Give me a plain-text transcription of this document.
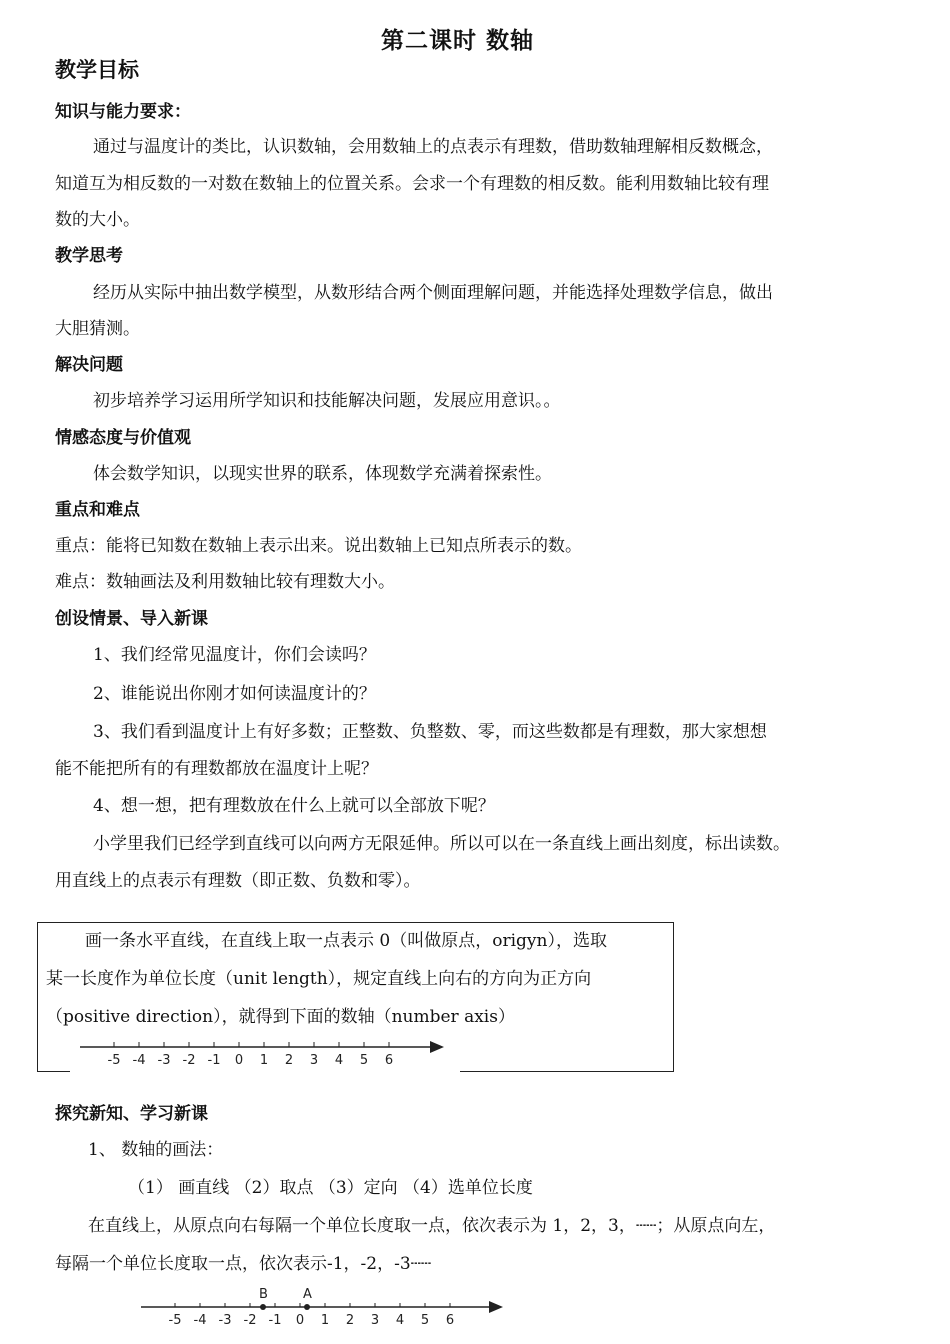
第二课时 数轴
教学目标
知识与能力要求：
通过与温度计的类比，认识数轴，会用数轴上的点表示有理数，借助数轴理解相反数概念，
知道互为相反数的一对数在数轴上的位置关系。会求一个有理数的相反数。能利用数轴比较有理
数的大小。
教学思考
经历从实际中抽出数学模型，从数形结合两个侧面理解问题，并能选择处理数学信息，做出
大胆猜测。
解决问题
初步培养学习运用所学知识和技能解决问题，发展应用意识。。
情感态度与价值观
体会数学知识，以现实世界的联系，体现数学充满着探索性。
重点和难点
重点：能将已知数在数轴上表示出来。说出数轴上已知点所表示的数。
难点：数轴画法及利用数轴比较有理数大小。
创设情景、导入新课
1、我们经常见温度计，你们会读吗？
2、谁能说出你刚才如何读温度计的？
3、我们看到温度计上有好多数；正整数、负整数、零，而这些数都是有理数，那大家想想
能不能把所有的有理数都放在温度计上呢？
4、想一想，把有理数放在什么上就可以全部放下呢？
小学里我们已经学到直线可以向两方无限延伸。所以可以在一条直线上画出刻度，标出读数。
用直线上的点表示有理数（即正数、负数和零）。
画一条水平直线，在直线上取一点表示 0（叫做原点，origyn），选取
某一长度作为单位长度（unit length），规定直线上向右的方向为正方向
（positive direction），就得到下面的数轴（number axis）
-5 -4 -3 -2 -1 0 1 2 3 4 5 6
探究新知、学习新课
1、 数轴的画法：
（1） 画直线 （2）取点 （3）定向 （4）选单位长度
在直线上，从原点向右每隔一个单位长度取一点，依次表示为 1，2，3，┄┄；从原点向左，
每隔一个单位长度取一点，依次表示-1，-2，-3┄┄
-5 -4 -3 -2 -1 0 1 2 3 4 5 6
B	A
